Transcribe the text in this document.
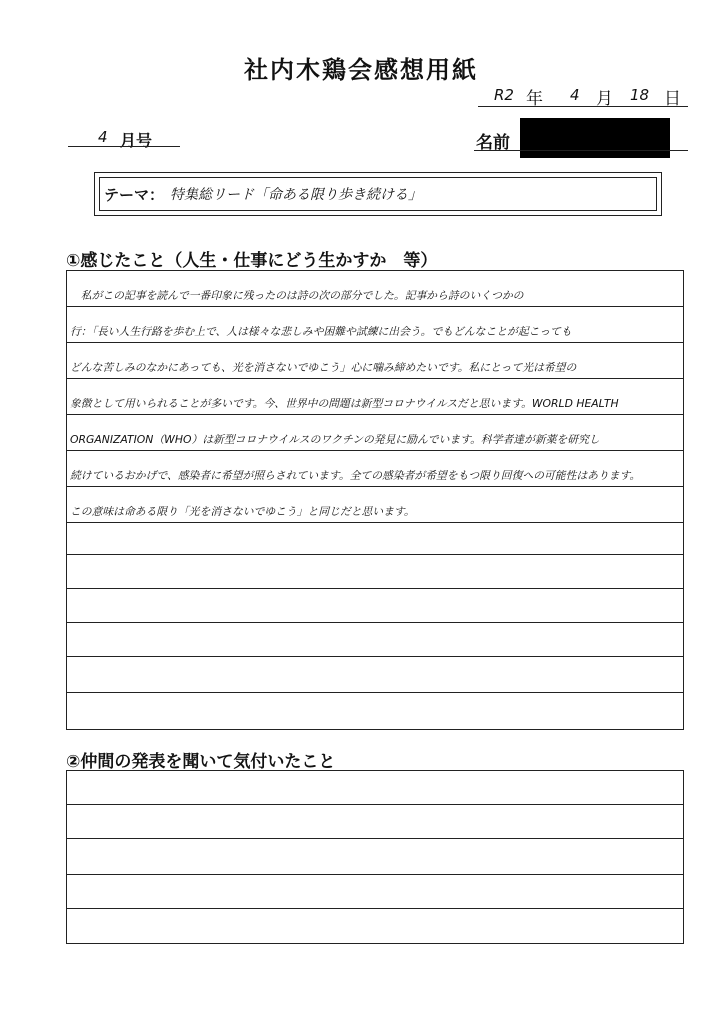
社内木鶏会感想用紙
R2 年 4 月 18 日
4 月号	名前
テーマ： 特集総リード「命ある限り歩き続ける」
①感じたこと（人生・仕事にどう生かすか　等）
　私がこの記事を読んで一番印象に残ったのは詩の次の部分でした。記事から詩のいくつかの
行：「長い人生行路を歩む上で、人は様々な悲しみや困難や試練に出会う。でもどんなことが起こっても
どんな苦しみのなかにあっても、光を消さないでゆこう」心に噛み締めたいです。私にとって光は希望の
象徴として用いられることが多いです。今、世界中の問題は新型コロナウイルスだと思います。WORLD HEALTH
ORGANIZATION（WHO）は新型コロナウイルスのワクチンの発見に励んでいます。科学者達が新薬を研究し
続けているおかげで、感染者に希望が照らされています。全ての感染者が希望をもつ限り回復への可能性はあります。
この意味は命ある限り「光を消さないでゆこう」と同じだと思います。
②仲間の発表を聞いて気付いたこと
